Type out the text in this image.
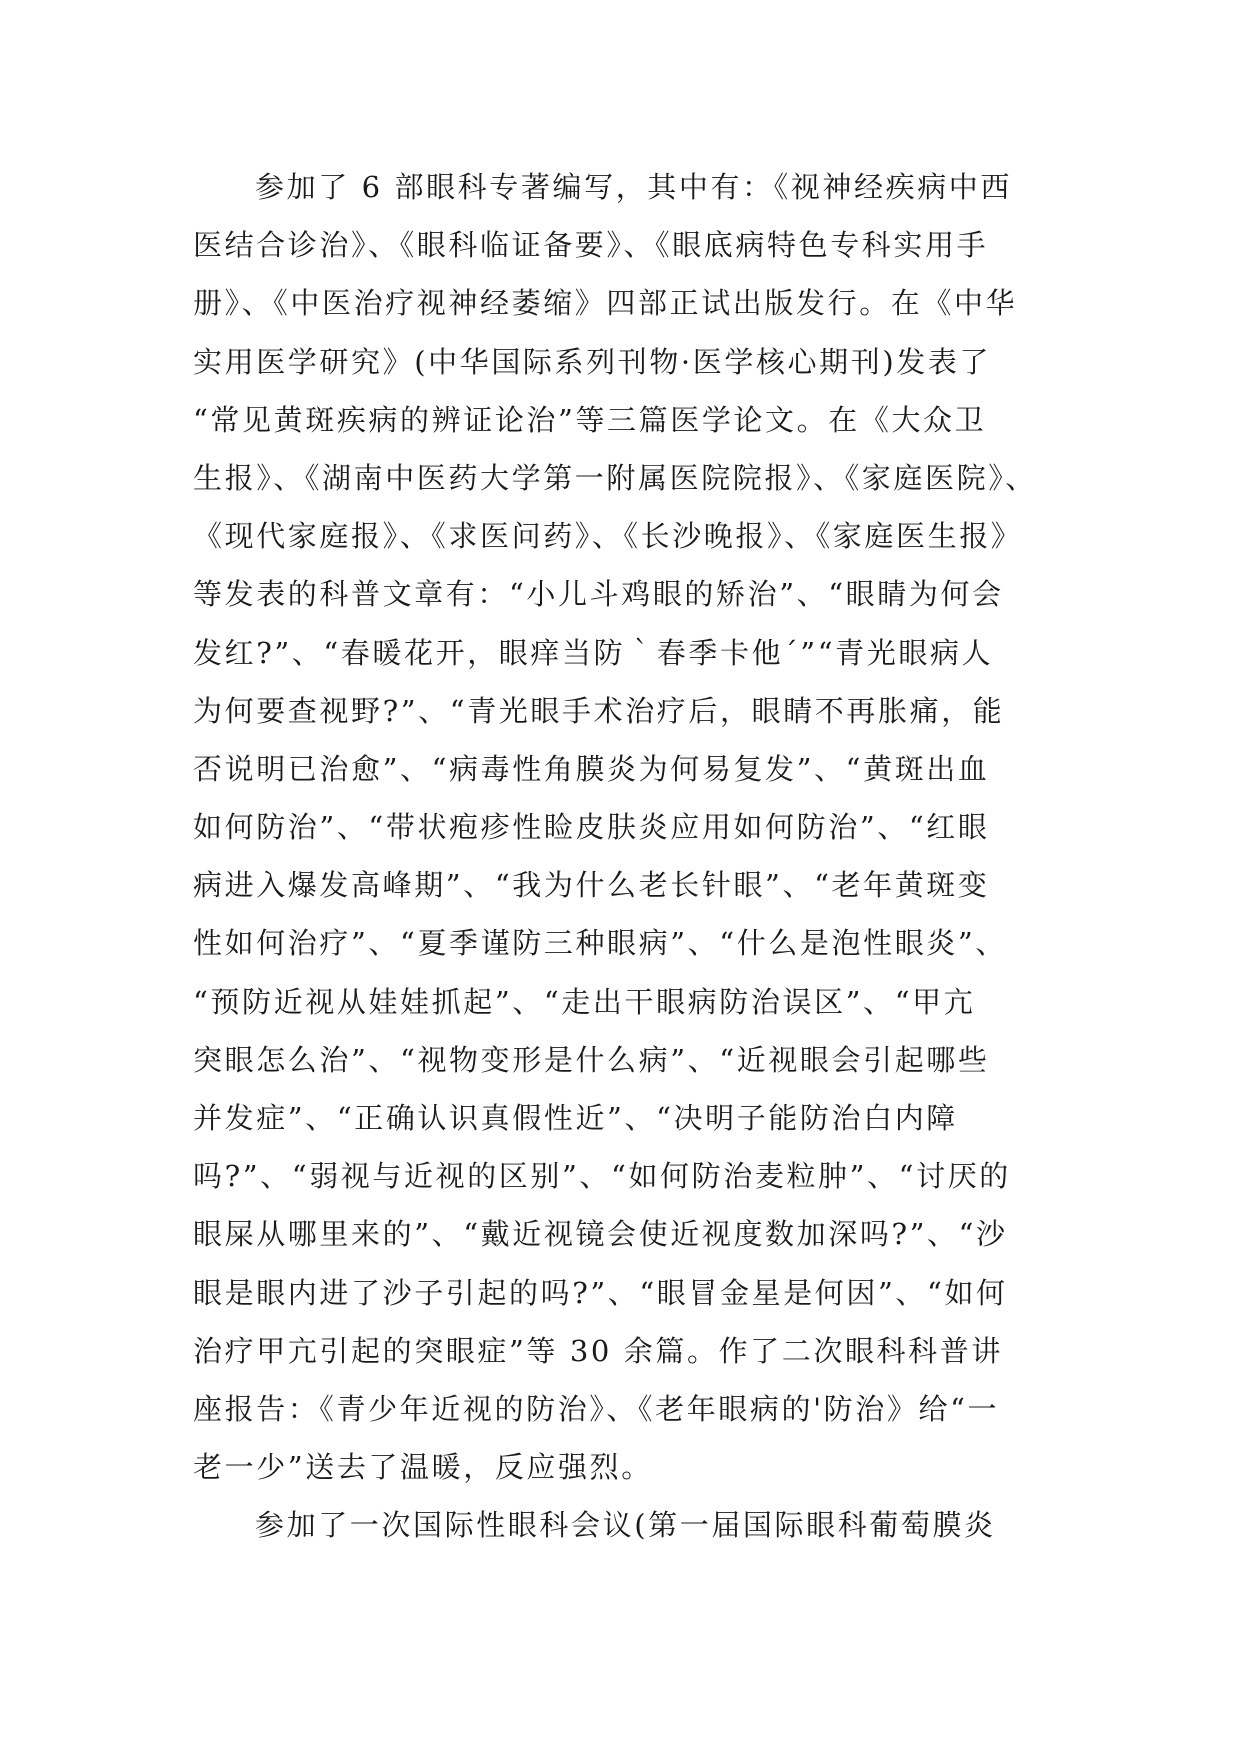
参加了 6 部眼科专著编写，其中有：《视神经疾病中西
医结合诊治》、《眼科临证备要》、《眼底病特色专科实用手
册》、《中医治疗视神经萎缩》四部正试出版发行。在《中华
实用医学研究》(中华国际系列刊物·医学核心期刊)发表了
“常见黄斑疾病的辨证论治”等三篇医学论文。在《大众卫
生报》、《湖南中医药大学第一附属医院院报》、《家庭医院》、
《现代家庭报》、《求医问药》、《长沙晚报》、《家庭医生报》
等发表的科普文章有：“小儿斗鸡眼的矫治”、“眼睛为何会
发红?”、“春暖花开，眼痒当防｀春季卡他´”“青光眼病人
为何要查视野?”、“青光眼手术治疗后，眼睛不再胀痛，能
否说明已治愈”、“病毒性角膜炎为何易复发”、“黄斑出血
如何防治”、“带状疱疹性睑皮肤炎应用如何防治”、“红眼
病进入爆发高峰期”、“我为什么老长针眼”、“老年黄斑变
性如何治疗”、“夏季谨防三种眼病”、“什么是泡性眼炎”、
“预防近视从娃娃抓起”、“走出干眼病防治误区”、“甲亢
突眼怎么治”、“视物变形是什么病”、“近视眼会引起哪些
并发症”、“正确认识真假性近”、“决明子能防治白内障
吗?”、“弱视与近视的区别”、“如何防治麦粒肿”、“讨厌的
眼屎从哪里来的”、“戴近视镜会使近视度数加深吗?”、“沙
眼是眼内进了沙子引起的吗?”、“眼冒金星是何因”、“如何
治疗甲亢引起的突眼症”等 30 余篇。作了二次眼科科普讲
座报告：《青少年近视的防治》、《老年眼病的'防治》给“一
老一少”送去了温暖，反应强烈。
参加了一次国际性眼科会议(第一届国际眼科葡萄膜炎
